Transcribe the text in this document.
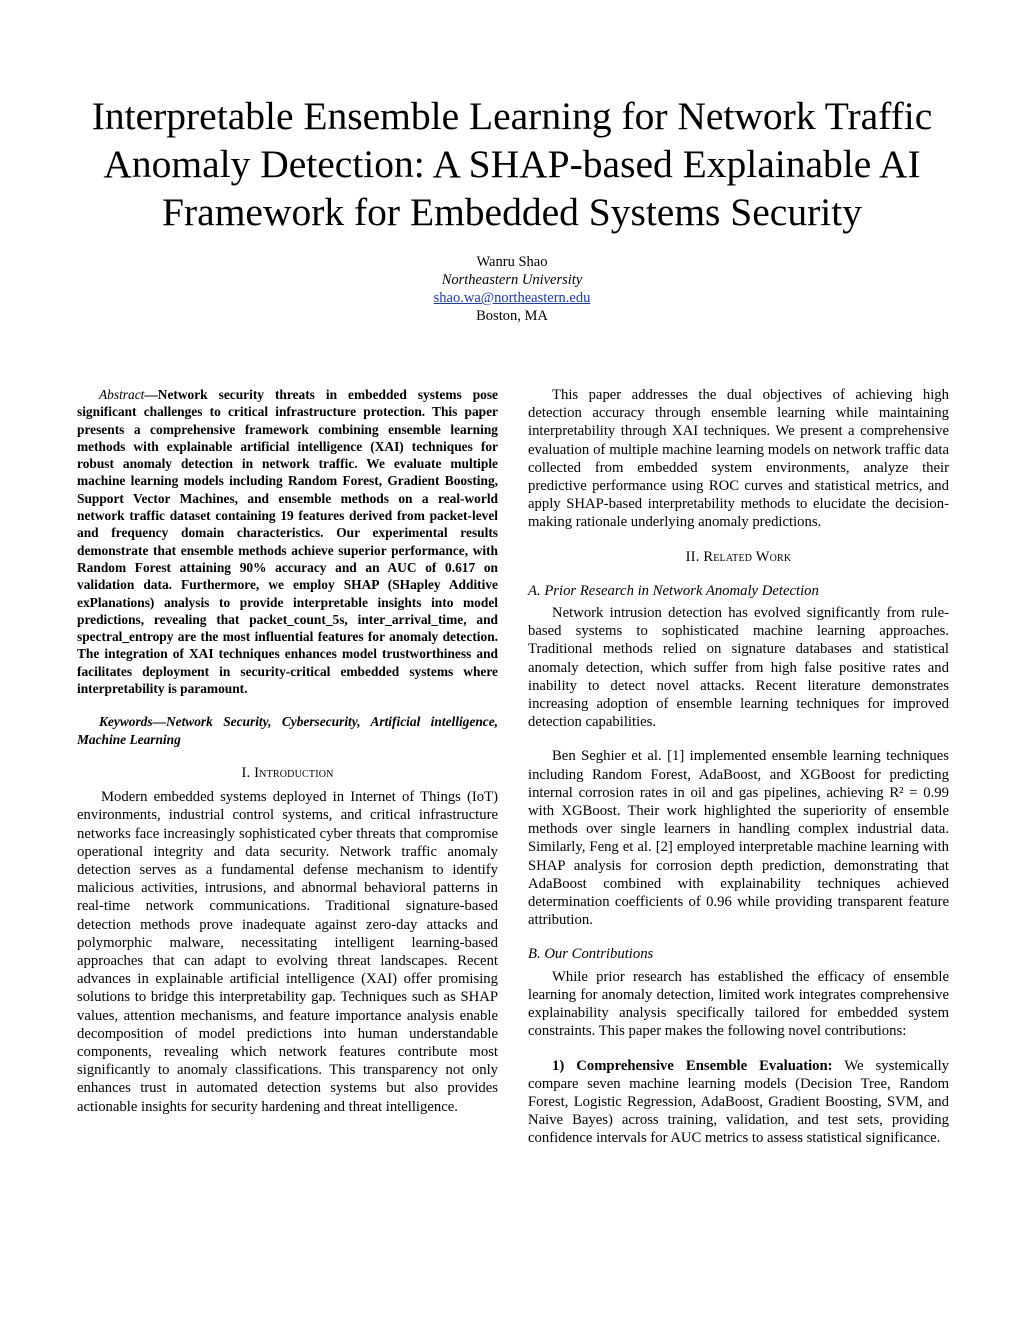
Interpretable Ensemble Learning for Network Traffic Anomaly Detection: A SHAP-based Explainable AI Framework for Embedded Systems Security
Wanru Shao
Northeastern University
shao.wa@northeastern.edu
Boston, MA

Abstract—Network security threats in embedded systems pose significant challenges to critical infrastructure protection. This paper presents a comprehensive framework combining ensemble learning methods with explainable artificial intelligence (XAI) techniques for robust anomaly detection in network traffic. We evaluate multiple machine learning models including Random Forest, Gradient Boosting, Support Vector Machines, and ensemble methods on a real-world network traffic dataset containing 19 features derived from packet-level and frequency domain characteristics. Our experimental results demonstrate that ensemble methods achieve superior performance, with Random Forest attaining 90% accuracy and an AUC of 0.617 on validation data. Furthermore, we employ SHAP (SHapley Additive exPlanations) analysis to provide interpretable insights into model predictions, revealing that packet_count_5s, inter_arrival_time, and spectral_entropy are the most influential features for anomaly detection. The integration of XAI techniques enhances model trustworthiness and facilitates deployment in security-critical embedded systems where interpretability is paramount.

Keywords—Network Security, Cybersecurity, Artificial intelligence, Machine Learning

I. Introduction

Modern embedded systems deployed in Internet of Things (IoT) environments, industrial control systems, and critical infrastructure networks face increasingly sophisticated cyber threats that compromise operational integrity and data security. Network traffic anomaly detection serves as a fundamental defense mechanism to identify malicious activities, intrusions, and abnormal behavioral patterns in real-time network communications. Traditional signature-based detection methods prove inadequate against zero-day attacks and polymorphic malware, necessitating intelligent learning-based approaches that can adapt to evolving threat landscapes. Recent advances in explainable artificial intelligence (XAI) offer promising solutions to bridge this interpretability gap. Techniques such as SHAP values, attention mechanisms, and feature importance analysis enable decomposition of model predictions into human understandable components, revealing which network features contribute most significantly to anomaly classifications. This transparency not only enhances trust in automated detection systems but also provides actionable insights for security hardening and threat intelligence.

This paper addresses the dual objectives of achieving high detection accuracy through ensemble learning while maintaining interpretability through XAI techniques. We present a comprehensive evaluation of multiple machine learning models on network traffic data collected from embedded system environments, analyze their predictive performance using ROC curves and statistical metrics, and apply SHAP-based interpretability methods to elucidate the decision-making rationale underlying anomaly predictions.

II. Related Work
A. Prior Research in Network Anomaly Detection

Network intrusion detection has evolved significantly from rule-based systems to sophisticated machine learning approaches. Traditional methods relied on signature databases and statistical anomaly detection, which suffer from high false positive rates and inability to detect novel attacks. Recent literature demonstrates increasing adoption of ensemble learning techniques for improved detection capabilities.

Ben Seghier et al. [1] implemented ensemble learning techniques including Random Forest, AdaBoost, and XGBoost for predicting internal corrosion rates in oil and gas pipelines, achieving R² = 0.99 with XGBoost. Their work highlighted the superiority of ensemble methods over single learners in handling complex industrial data. Similarly, Feng et al. [2] employed interpretable machine learning with SHAP analysis for corrosion depth prediction, demonstrating that AdaBoost combined with explainability techniques achieved determination coefficients of 0.96 while providing transparent feature attribution.

B. Our Contributions

While prior research has established the efficacy of ensemble learning for anomaly detection, limited work integrates comprehensive explainability analysis specifically tailored for embedded system constraints. This paper makes the following novel contributions:

1) Comprehensive Ensemble Evaluation: We systemically compare seven machine learning models (Decision Tree, Random Forest, Logistic Regression, AdaBoost, Gradient Boosting, SVM, and Naive Bayes) across training, validation, and test sets, providing confidence intervals for AUC metrics to assess statistical significance.
